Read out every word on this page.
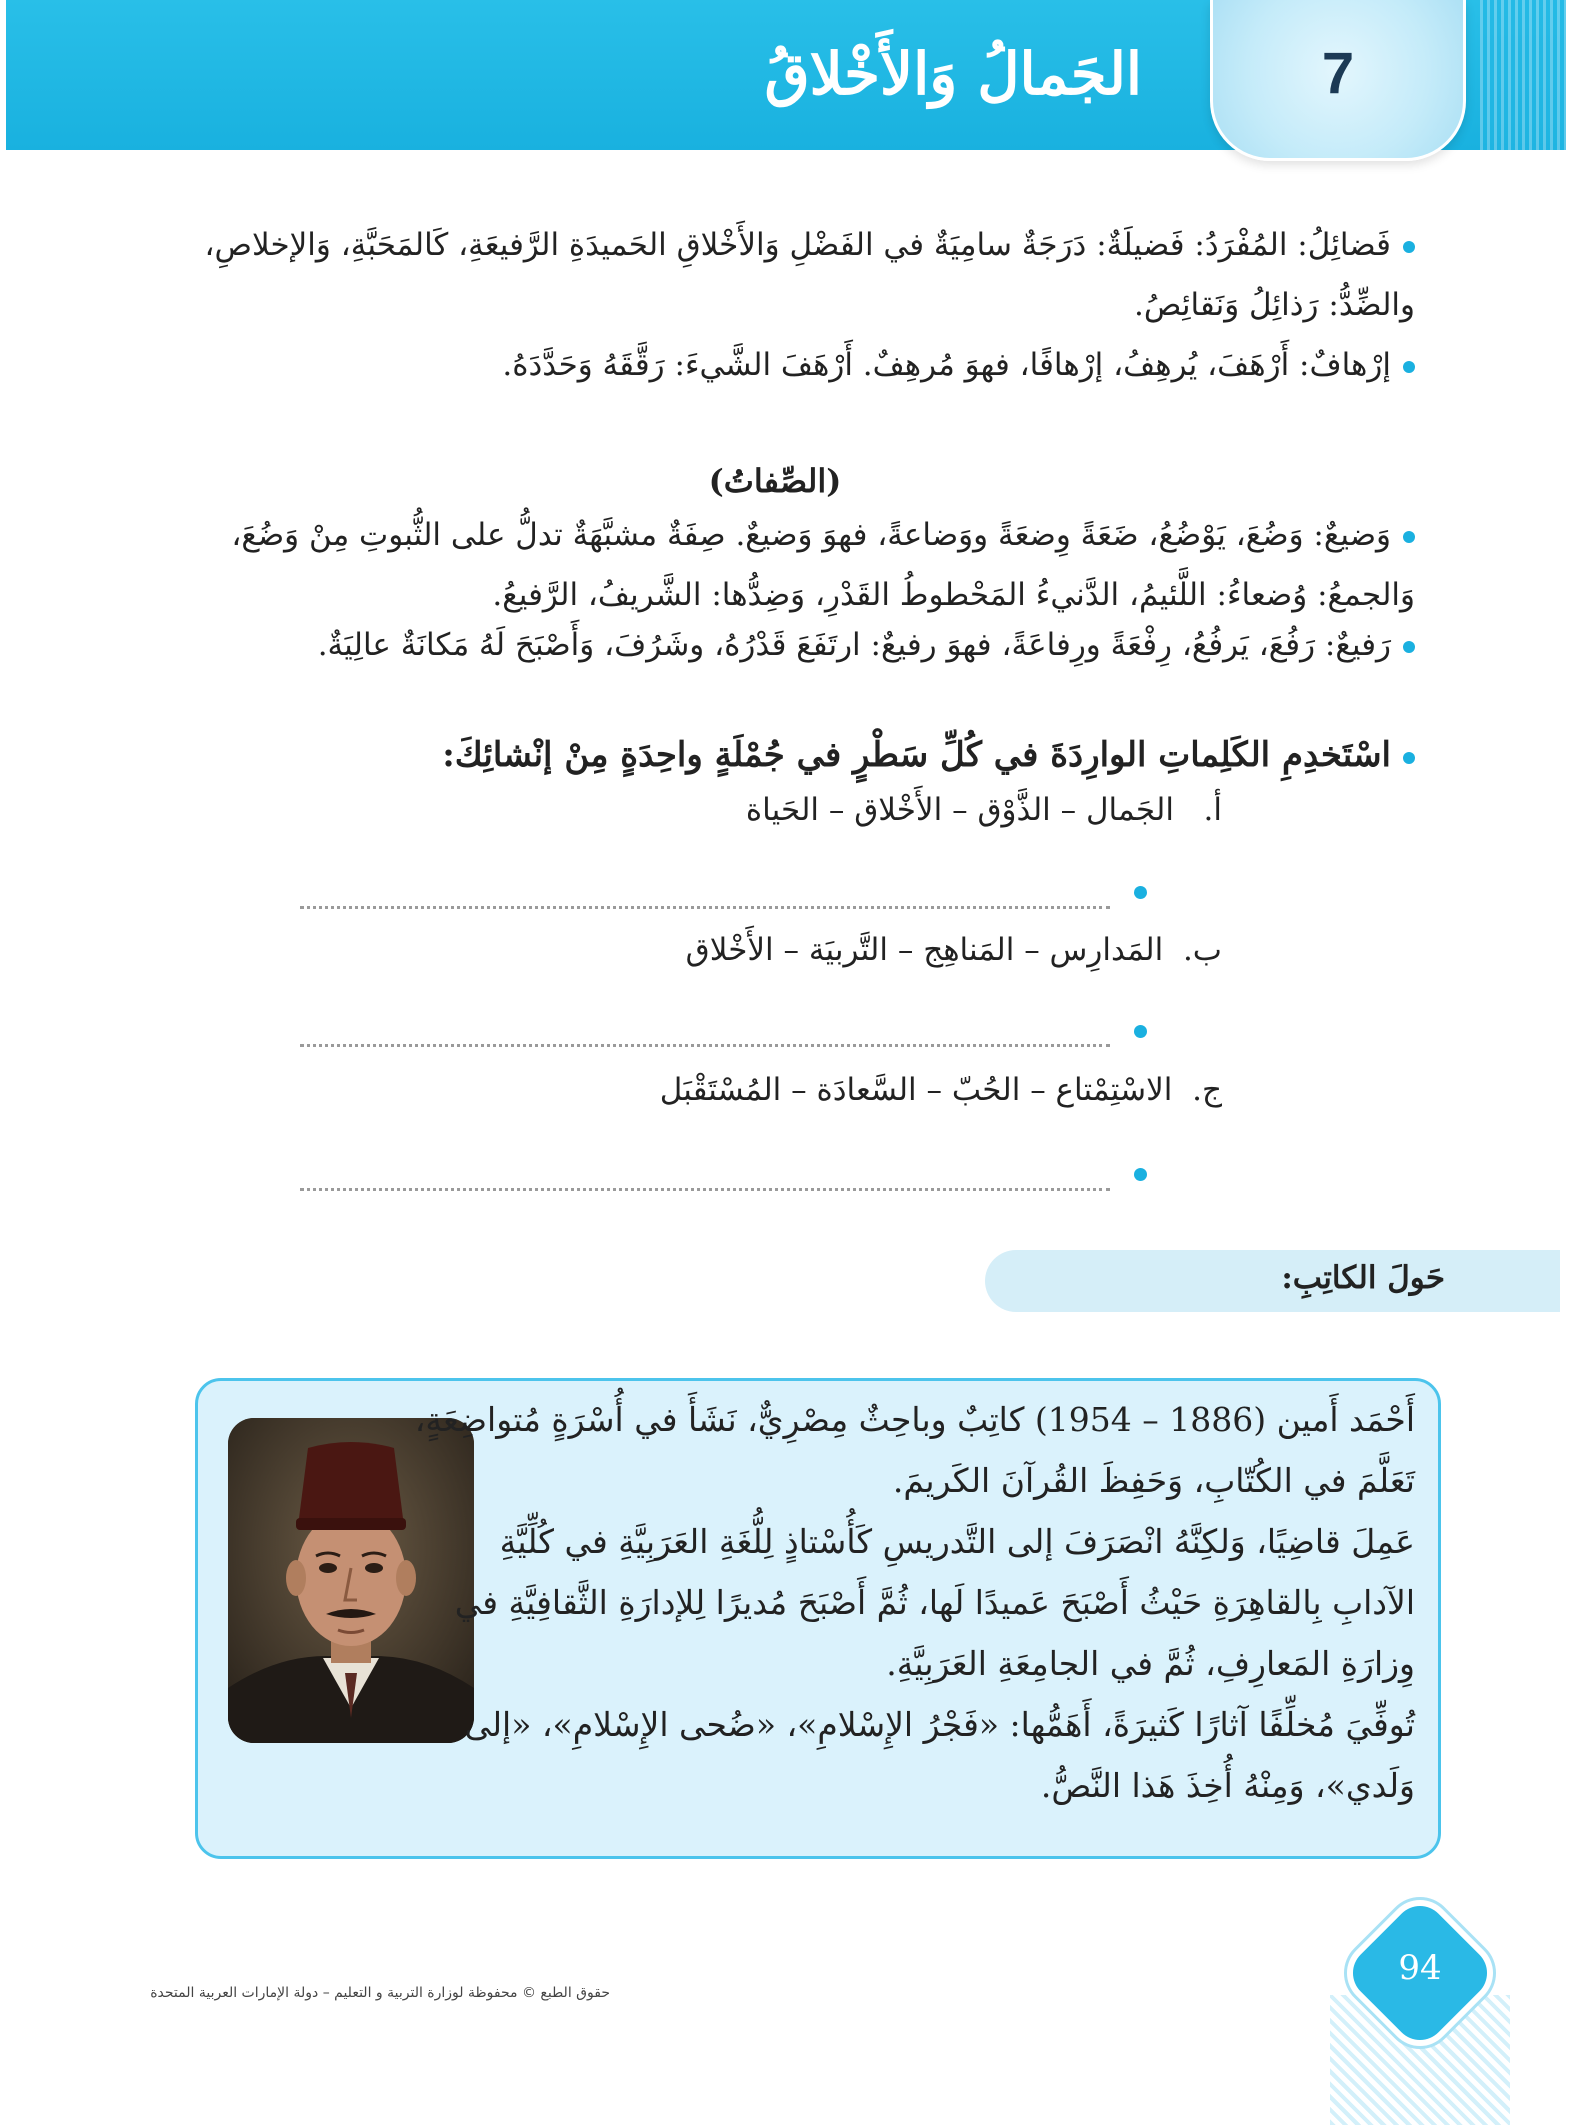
الجَمالُ وَالأَخْلاقُ	7
فَضائِلُ: المُفْرَدُ: فَضيلَةٌ: دَرَجَةٌ سامِيَةٌ في الفَضْلِ وَالأَخْلاقِ الحَميدَةِ الرَّفيعَةِ، كَالمَحَبَّةِ، وَالإخلاصِ، والضِّدُّ: رَذائِلُ وَنَقائِصُ.
إرْهافٌ: أَرْهَفَ، يُرهِفُ، إرْهافًا، فهوَ مُرهِفٌ. أَرْهَفَ الشَّيءَ: رَقَّقَهُ وَحَدَّدَهُ.
(الصِّفاتُ)
وَضيعٌ: وَضُعَ، يَوْضُعُ، ضَعَةً وِضعَةً ووَضاعةً، فهوَ وَضيعٌ. صِفَةٌ مشبَّهَةٌ تدلُّ على الثُّبوتِ مِنْ وَضُعَ، وَالجمعُ: وُضعاءُ: اللَّئيمُ، الدَّنيءُ المَحْطوطُ القَدْرِ، وَضِدُّها: الشَّريفُ، الرَّفيعُ.
رَفيعٌ: رَفُعَ، يَرفُعُ، رِفْعَةً ورِفاعَةً، فهوَ رفيعٌ: ارتَفَعَ قَدْرُهُ، وشَرُفَ، وَأَصْبَحَ لَهُ مَكانَةٌ عالِيَةٌ.
اسْتَخدِمِ الكَلِماتِ الوارِدَةَ في كُلِّ سَطْرٍ في جُمْلَةٍ واحِدَةٍ مِنْ إنْشائِكَ:
أ.   الجَمال – الذَّوْق – الأَخْلاق – الحَياة
ب.  المَدارِس – المَناهِج – التَّربيَة – الأَخْلاق
ج.  الاسْتِمْتاع – الحُبّ – السَّعادَة – المُسْتَقْبَل
حَولَ الكاتِبِ:
أَحْمَد أَمين (1886 – 1954) كاتِبٌ وباحِثٌ مِصْرِيٌّ، نَشَأَ في أُسْرَةٍ مُتواضِعَةٍ، تَعَلَّمَ في الكُتّابِ، وَحَفِظَ القُرآنَ الكَريمَ.
عَمِلَ قاضِيًا، وَلكِنَّهُ انْصَرَفَ إلى التَّدريسِ كَأُسْتاذٍ لِلُّغَةِ العَرَبِيَّةِ في كُلِّيَّةِ الآدابِ بِالقاهِرَةِ حَيْثُ أَصْبَحَ عَميدًا لَها، ثُمَّ أَصْبَحَ مُديرًا لِلإدارَةِ الثَّقافِيَّةِ في وِزارَةِ المَعارِفِ، ثُمَّ في الجامِعَةِ العَرَبِيَّةِ.
تُوفِّيَ مُخلِّفًا آثارًا كَثيرَةً، أَهَمُّها: «فَجْرُ الإِسْلامِ»، «ضُحى الإِسْلامِ»، «إلى وَلَدي»، وَمِنْهُ أُخِذَ هَذا النَّصُّ.
94
حقوق الطبع © محفوظة لوزارة التربية و التعليم – دولة الإمارات العربية المتحدة
